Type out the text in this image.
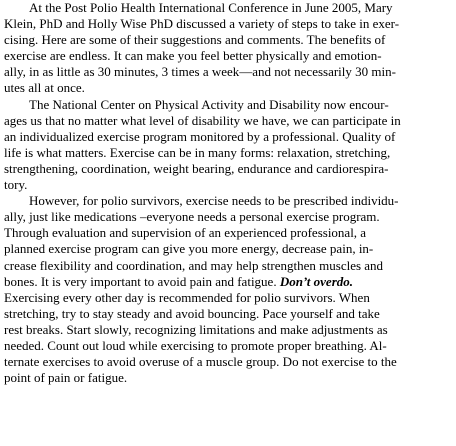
At the Post Polio Health International Conference in June 2005, Mary
Klein, PhD and Holly Wise PhD discussed a variety of steps to take in exer-
cising. Here are some of their suggestions and comments. The benefits of
exercise are endless. It can make you feel better physically and emotion-
ally, in as little as 30 minutes, 3 times a week—and not necessarily 30 min-
utes all at once.

The National Center on Physical Activity and Disability now encour-
ages us that no matter what level of disability we have, we can participate in
an individualized exercise program monitored by a professional. Quality of
life is what matters. Exercise can be in many forms: relaxation, stretching,
strengthening, coordination, weight bearing, endurance and cardiorespira-
tory.

However, for polio survivors, exercise needs to be prescribed individu-
ally, just like medications –everyone needs a personal exercise program.
Through evaluation and supervision of an experienced professional, a
planned exercise program can give you more energy, decrease pain, in-
crease flexibility and coordination, and may help strengthen muscles and
bones. It is very important to avoid pain and fatigue. Don’t overdo.

Exercising every other day is recommended for polio survivors. When
stretching, try to stay steady and avoid bouncing. Pace yourself and take
rest breaks. Start slowly, recognizing limitations and make adjustments as
needed. Count out loud while exercising to promote proper breathing. Al-
ternate exercises to avoid overuse of a muscle group. Do not exercise to the
point of pain or fatigue.
